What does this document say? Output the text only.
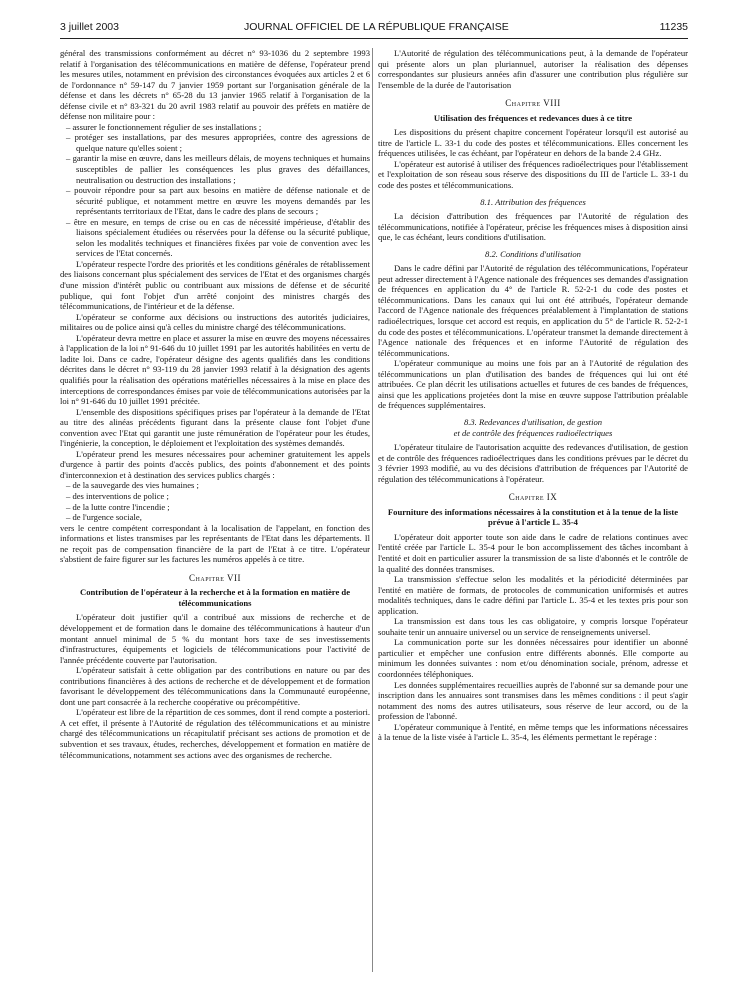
3 juillet 2003	JOURNAL OFFICIEL DE LA RÉPUBLIQUE FRANÇAISE	11235

général des transmissions conformément au décret n° 93-1036 du 2 septembre 1993 relatif à l'organisation des télécommunications en matière de défense, l'opérateur prend les mesures utiles, notamment en prévision des circonstances évoquées aux articles 2 et 6 de l'ordonnance n° 59-147 du 7 janvier 1959 portant sur l'organisation générale de la défense et dans les décrets n° 65-28 du 13 janvier 1965 relatif à l'organisation de la défense civile et n° 83-321 du 20 avril 1983 relatif au pouvoir des préfets en matière de défense non militaire pour :

– assurer le fonctionnement régulier de ses installations ;

– protéger ses installations, par des mesures appropriées, contre des agressions de quelque nature qu'elles soient ;

– garantir la mise en œuvre, dans les meilleurs délais, de moyens techniques et humains susceptibles de pallier les conséquences les plus graves des défaillances, neutralisation ou destruction des installations ;

– pouvoir répondre pour sa part aux besoins en matière de défense nationale et de sécurité publique, et notamment mettre en œuvre les moyens demandés par les représentants territoriaux de l'Etat, dans le cadre des plans de secours ;

– être en mesure, en temps de crise ou en cas de nécessité impérieuse, d'établir des liaisons spécialement étudiées ou réservées pour la défense ou la sécurité publique, selon les modalités techniques et financières fixées par voie de convention avec les services de l'Etat concernés.

L'opérateur respecte l'ordre des priorités et les conditions générales de rétablissement des liaisons concernant plus spécialement des services de l'Etat et des organismes chargés d'une mission d'intérêt public ou contribuant aux missions de défense et de sécurité publique, qui font l'objet d'un arrêté conjoint des ministres chargés des télécommunications, de l'intérieur et de la défense.

L'opérateur se conforme aux décisions ou instructions des autorités judiciaires, militaires ou de police ainsi qu'à celles du ministre chargé des télécommunications.

L'opérateur devra mettre en place et assurer la mise en œuvre des moyens nécessaires à l'application de la loi n° 91-646 du 10 juillet 1991 par les autorités habilitées en vertu de ladite loi. Dans ce cadre, l'opérateur désigne des agents qualifiés dans les conditions décrites dans le décret n° 93-119 du 28 janvier 1993 relatif à la désignation des agents qualifiés pour la réalisation des opérations matérielles nécessaires à la mise en place des interceptions de correspondances émises par voie de télécommunications autorisées par la loi n° 91-646 du 10 juillet 1991 précitée.

L'ensemble des dispositions spécifiques prises par l'opérateur à la demande de l'Etat au titre des alinéas précédents figurant dans la présente clause font l'objet d'une convention avec l'Etat qui garantit une juste rémunération de l'opérateur pour les études, l'ingénierie, la conception, le déploiement et l'exploitation des systèmes demandés.

L'opérateur prend les mesures nécessaires pour acheminer gratuitement les appels d'urgence à partir des points d'accès publics, des points d'abonnement et des points d'interconnexion et à destination des services publics chargés :

– de la sauvegarde des vies humaines ;

– des interventions de police ;

– de la lutte contre l'incendie ;

– de l'urgence sociale,

vers le centre compétent correspondant à la localisation de l'appelant, en fonction des informations et listes transmises par les représentants de l'Etat dans les départements. Il ne reçoit pas de compensation financière de la part de l'Etat à ce titre. L'opérateur s'abstient de faire figurer sur les factures les numéros appelés à ce titre.

Chapitre VII
Contribution de l'opérateur à la recherche et à la formation en matière de télécommunications

L'opérateur doit justifier qu'il a contribué aux missions de recherche et de développement et de formation dans le domaine des télécommunications à hauteur d'un montant annuel minimal de 5 % du montant hors taxe de ses investissements d'infrastructures, équipements et logiciels de télécommunications pour l'activité de l'année précédente couverte par l'autorisation.

L'opérateur satisfait à cette obligation par des contributions en nature ou par des contributions financières à des actions de recherche et de développement et de formation favorisant le développement des télécommunications dans la Communauté européenne, dont une part consacrée à la recherche coopérative ou précompétitive.

L'opérateur est libre de la répartition de ces sommes, dont il rend compte a posteriori. A cet effet, il présente à l'Autorité de régulation des télécommunications et au ministre chargé des télécommunications un récapitulatif précisant ses actions de promotion et de subvention et ses travaux, études, recherches, développement et formation en matière de télécommunications, notamment ses actions avec des organismes de recherche.

L'Autorité de régulation des télécommunications peut, à la demande de l'opérateur qui présente alors un plan pluriannuel, autoriser la réalisation des dépenses correspondantes sur plusieurs années afin d'assurer une contribution plus régulière sur l'ensemble de la durée de l'autorisation

Chapitre VIII
Utilisation des fréquences et redevances dues à ce titre

Les dispositions du présent chapitre concernent l'opérateur lorsqu'il est autorisé au titre de l'article L. 33-1 du code des postes et télécommunications. Elles concernent les fréquences utilisées, le cas échéant, par l'opérateur en dehors de la bande 2.4 GHz.

L'opérateur est autorisé à utiliser des fréquences radioélectriques pour l'établissement et l'exploitation de son réseau sous réserve des dispositions du III de l'article L. 33-1 du code des postes et télécommunications.

8.1. Attribution des fréquences

La décision d'attribution des fréquences par l'Autorité de régulation des télécommunications, notifiée à l'opérateur, précise les fréquences mises à disposition ainsi que, le cas échéant, leurs conditions d'utilisation.

8.2. Conditions d'utilisation

Dans le cadre défini par l'Autorité de régulation des télécommunications, l'opérateur peut adresser directement à l'Agence nationale des fréquences ses demandes d'assignation de fréquences en application du 4° de l'article R. 52-2-1 du code des postes et télécommunications. Dans les canaux qui lui ont été attribués, l'opérateur demande l'accord de l'Agence nationale des fréquences préalablement à l'implantation de stations radioélectriques, lorsque cet accord est requis, en application du 5° de l'article R. 52-2-1 du code des postes et télécommunications. L'opérateur transmet la demande directement à l'Agence nationale des fréquences et en informe l'Autorité de régulation des télécommunications.

L'opérateur communique au moins une fois par an à l'Autorité de régulation des télécommunications un plan d'utilisation des bandes de fréquences qui lui ont été attribuées. Ce plan décrit les utilisations actuelles et futures de ces bandes de fréquences, ainsi que les applications projetées dont la mise en œuvre suppose l'attribution préalable de fréquences supplémentaires.

8.3. Redevances d'utilisation, de gestion
et de contrôle des fréquences radioélectriques

L'opérateur titulaire de l'autorisation acquitte des redevances d'utilisation, de gestion et de contrôle des fréquences radioélectriques dans les conditions prévues par le décret du 3 février 1993 modifié, au vu des décisions d'attribution de fréquences par l'Autorité de régulation des télécommunications à l'opérateur.

Chapitre IX
Fourniture des informations nécessaires à la constitution et à la tenue de la liste prévue à l'article L. 35-4

L'opérateur doit apporter toute son aide dans le cadre de relations continues avec l'entité créée par l'article L. 35-4 pour le bon accomplissement des tâches incombant à l'entité et doit en particulier assurer la transmission de sa liste d'abonnés et le contrôle de la qualité des données transmises.

La transmission s'effectue selon les modalités et la périodicité déterminées par l'entité en matière de formats, de protocoles de communication uniformisés et autres modalités techniques, dans le cadre défini par l'article L. 35-4 et les textes pris pour son application.

La transmission est dans tous les cas obligatoire, y compris lorsque l'opérateur souhaite tenir un annuaire universel ou un service de renseignements universel.

La communication porte sur les données nécessaires pour identifier un abonné particulier et empêcher une confusion entre différents abonnés. Elle comporte au minimum les données suivantes : nom et/ou dénomination sociale, prénom, adresse et coordonnées téléphoniques.

Les données supplémentaires recueillies auprès de l'abonné sur sa demande pour une inscription dans les annuaires sont transmises dans les mêmes conditions : il peut s'agir notamment des noms des autres utilisateurs, sous réserve de leur accord, ou de la profession de l'abonné.

L'opérateur communique à l'entité, en même temps que les informations nécessaires à la tenue de la liste visée à l'article L. 35-4, les éléments permettant le repérage :
